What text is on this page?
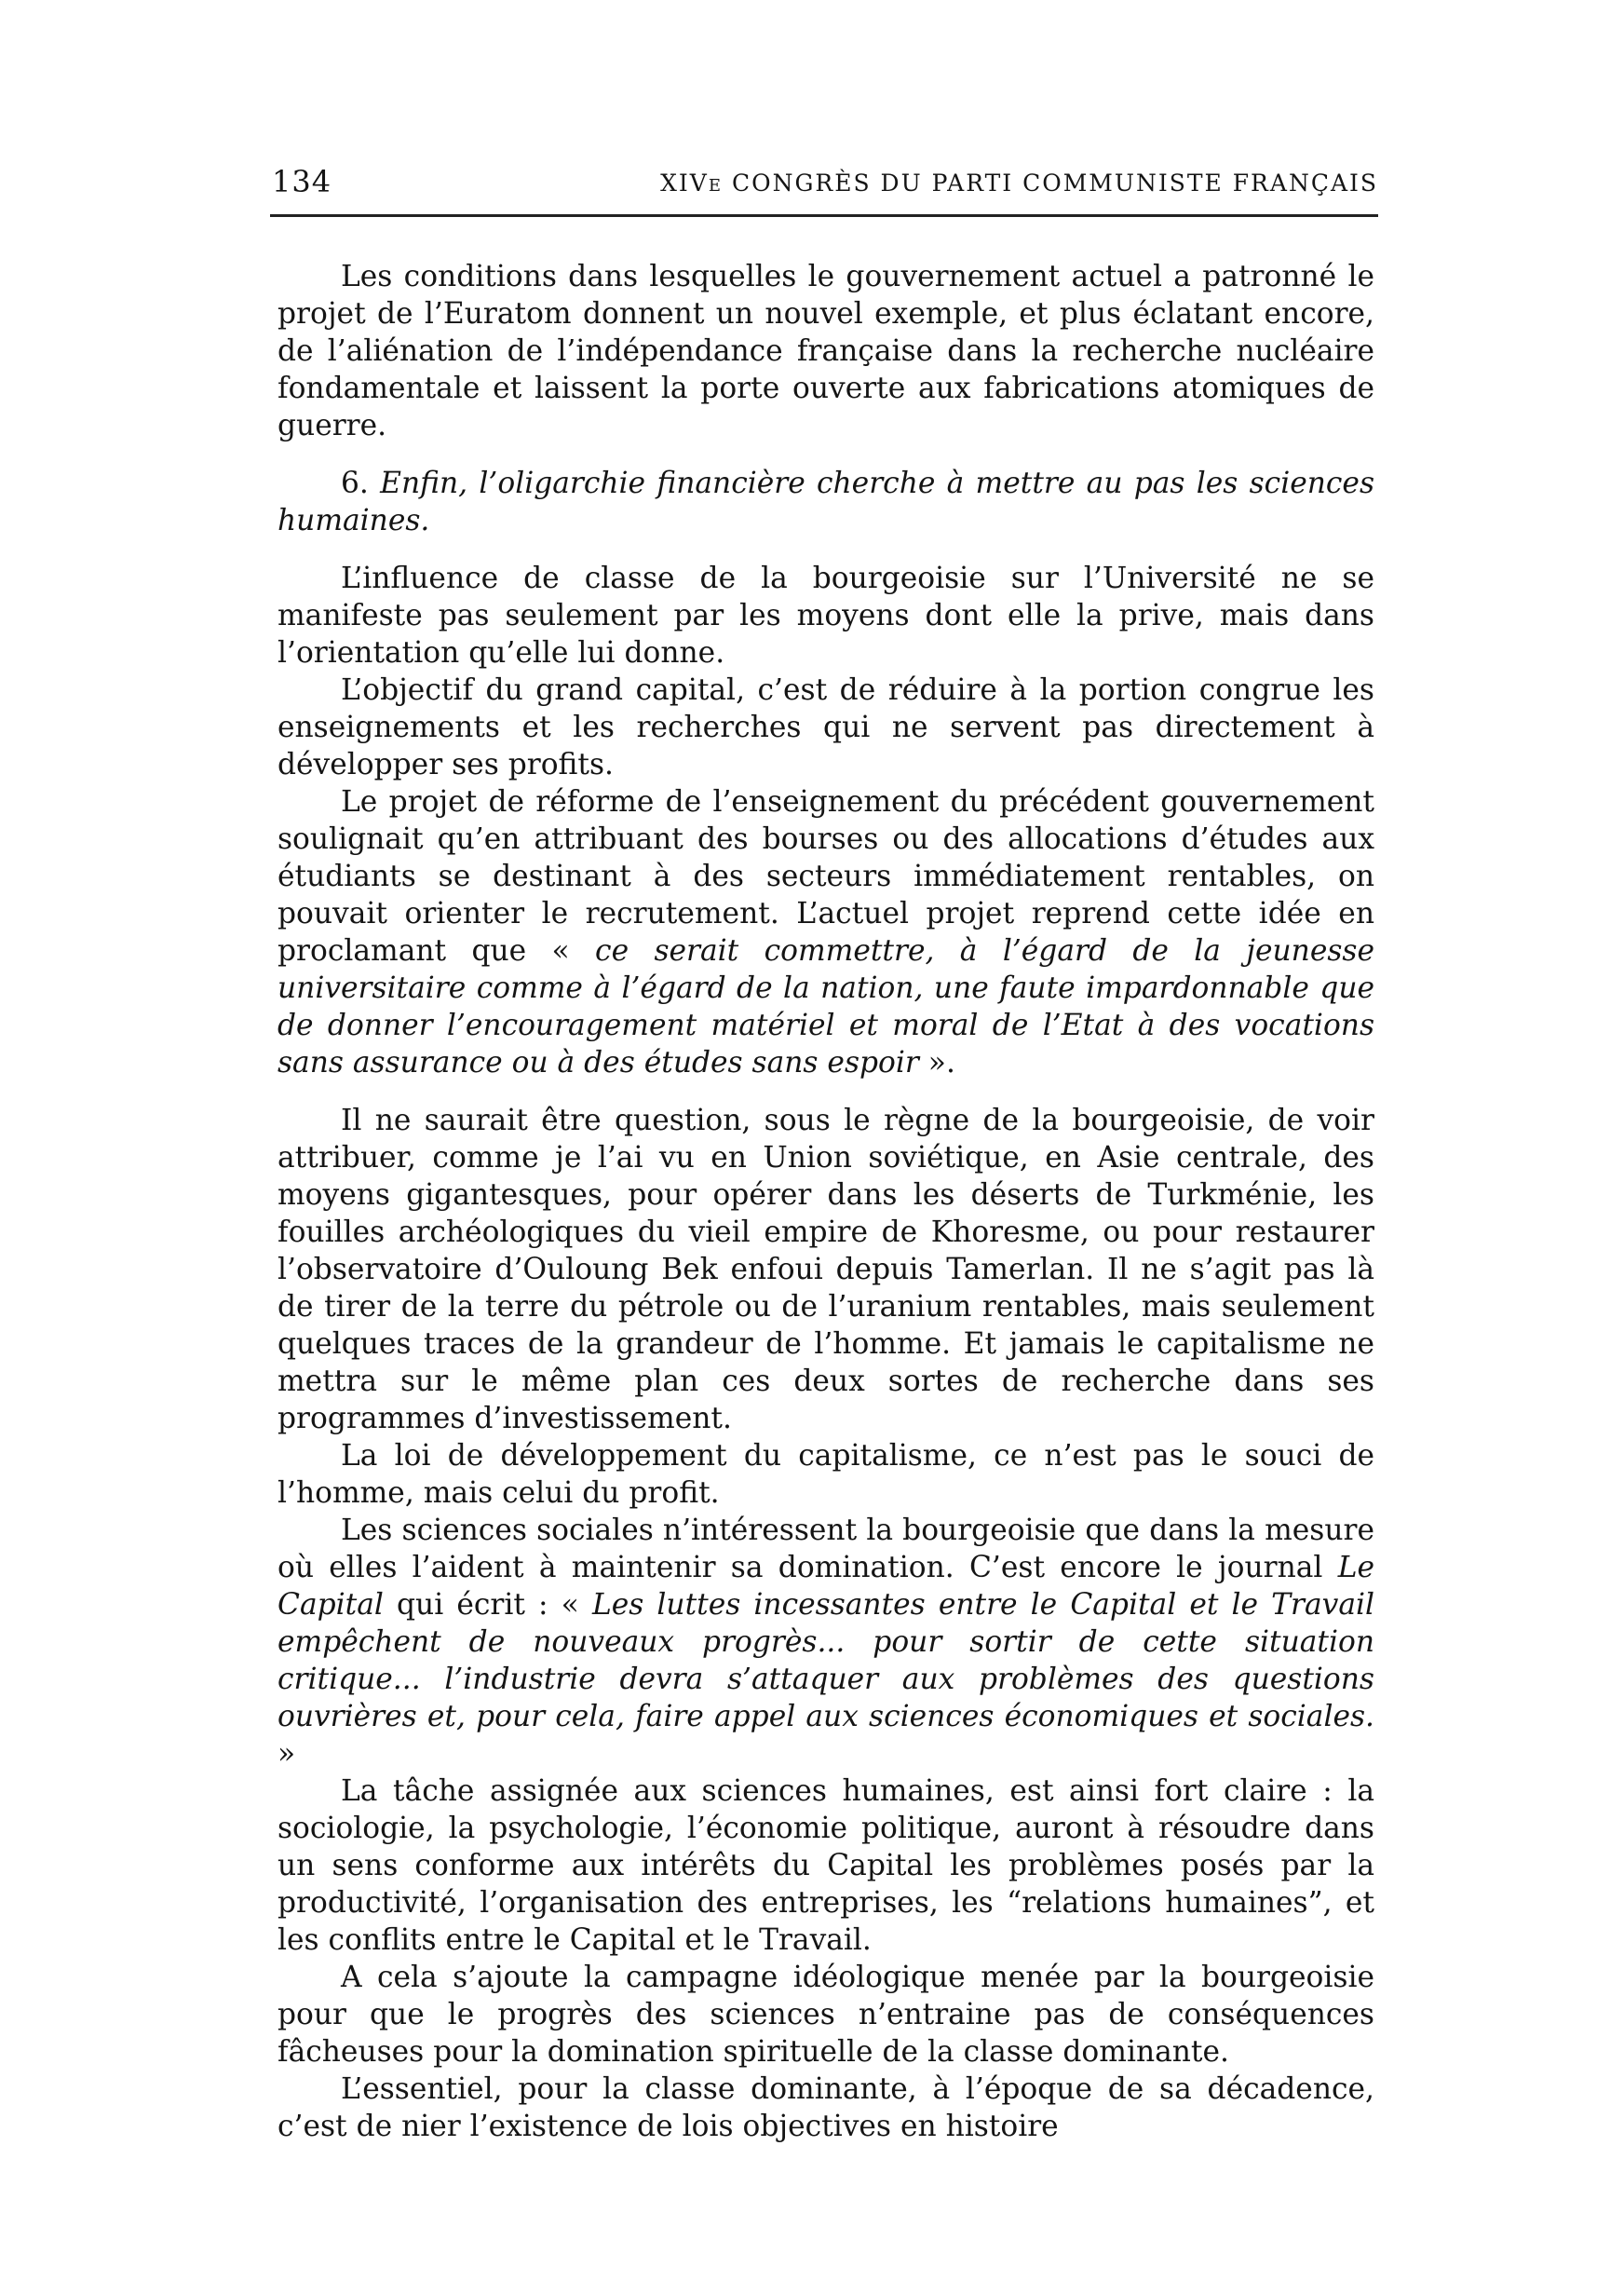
134	XIVe CONGRÈS DU PARTI COMMUNISTE FRANÇAIS

Les conditions dans lesquelles le gouvernement actuel a patronné le projet de l’Euratom donnent un nouvel exemple, et plus éclatant encore, de l’aliénation de l’indépendance française dans la recherche nucléaire fondamentale et laissent la porte ouverte aux fabrications atomiques de guerre.

6. Enfin, l’oligarchie financière cherche à mettre au pas les sciences humaines.

L’influence de classe de la bourgeoisie sur l’Université ne se manifeste pas seulement par les moyens dont elle la prive, mais dans l’orientation qu’elle lui donne.

L’objectif du grand capital, c’est de réduire à la portion congrue les enseignements et les recherches qui ne servent pas directement à développer ses profits.

Le projet de réforme de l’enseignement du précédent gouvernement soulignait qu’en attribuant des bourses ou des allocations d’études aux étudiants se destinant à des secteurs immédiatement rentables, on pouvait orienter le recrutement. L’actuel projet reprend cette idée en proclamant que « ce serait commettre, à l’égard de la jeunesse universitaire comme à l’égard de la nation, une faute impardonnable que de donner l’encouragement matériel et moral de l’Etat à des vocations sans assurance ou à des études sans espoir ».

Il ne saurait être question, sous le règne de la bourgeoisie, de voir attribuer, comme je l’ai vu en Union soviétique, en Asie centrale, des moyens gigantesques, pour opérer dans les déserts de Turkménie, les fouilles archéologiques du vieil empire de Khoresme, ou pour restaurer l’observatoire d’Ouloung Bek enfoui depuis Tamerlan. Il ne s’agit pas là de tirer de la terre du pétrole ou de l’uranium rentables, mais seulement quelques traces de la grandeur de l’homme. Et jamais le capitalisme ne mettra sur le même plan ces deux sortes de recherche dans ses programmes d’investissement.

La loi de développement du capitalisme, ce n’est pas le souci de l’homme, mais celui du profit.

Les sciences sociales n’intéressent la bourgeoisie que dans la mesure où elles l’aident à maintenir sa domination. C’est encore le journal Le Capital qui écrit : « Les luttes incessantes entre le Capital et le Travail empêchent de nouveaux progrès... pour sortir de cette situation critique... l’industrie devra s’attaquer aux problèmes des questions ouvrières et, pour cela, faire appel aux sciences économiques et sociales. »

La tâche assignée aux sciences humaines, est ainsi fort claire : la sociologie, la psychologie, l’économie politique, auront à résoudre dans un sens conforme aux intérêts du Capital les problèmes posés par la productivité, l’organisation des entreprises, les “relations humaines”, et les conflits entre le Capital et le Travail.

A cela s’ajoute la campagne idéologique menée par la bourgeoisie pour que le progrès des sciences n’entraine pas de conséquences fâcheuses pour la domination spirituelle de la classe dominante.

L’essentiel, pour la classe dominante, à l’époque de sa décadence, c’est de nier l’existence de lois objectives en histoire
